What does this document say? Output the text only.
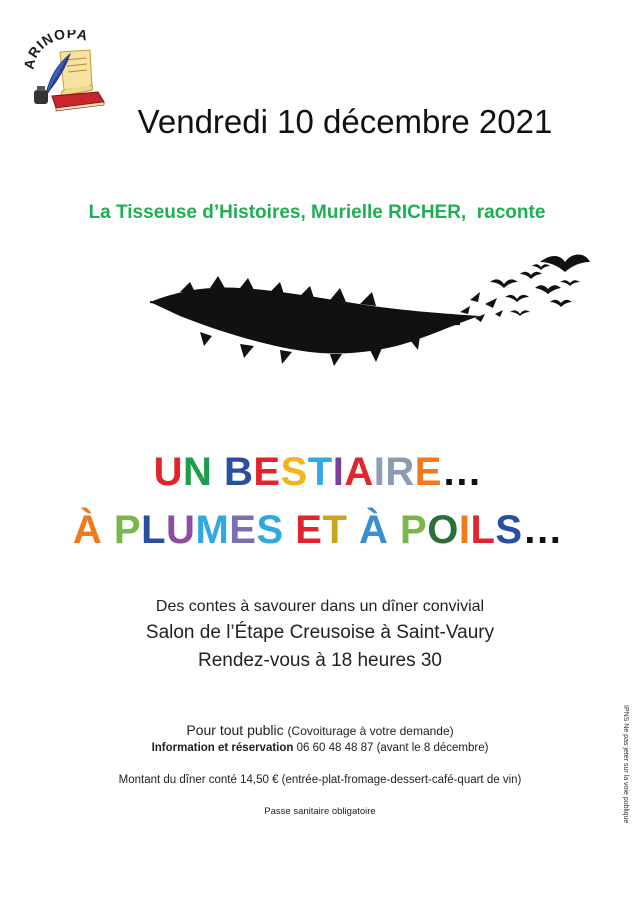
RINOPA
Vendredi 10 décembre 2021
La Tisseuse d’Histoires, Murielle RICHER,  raconte
UN BESTIAIRE…
À PLUMES ET À POILS…
Des contes à savourer dans un dîner convivial
Salon de l’Étape Creusoise à Saint-Vaury
Rendez-vous à 18 heures 30
Pour tout public (Covoiturage à votre demande)
Information et réservation 06 60 48 48 87 (avant le 8 décembre)
Montant du dîner conté 14,50 € (entrée-plat-fromage-dessert-café-quart de vin)
Passe sanitaire obligatoire	IPNS Ne pas jeter sur la voie publique
